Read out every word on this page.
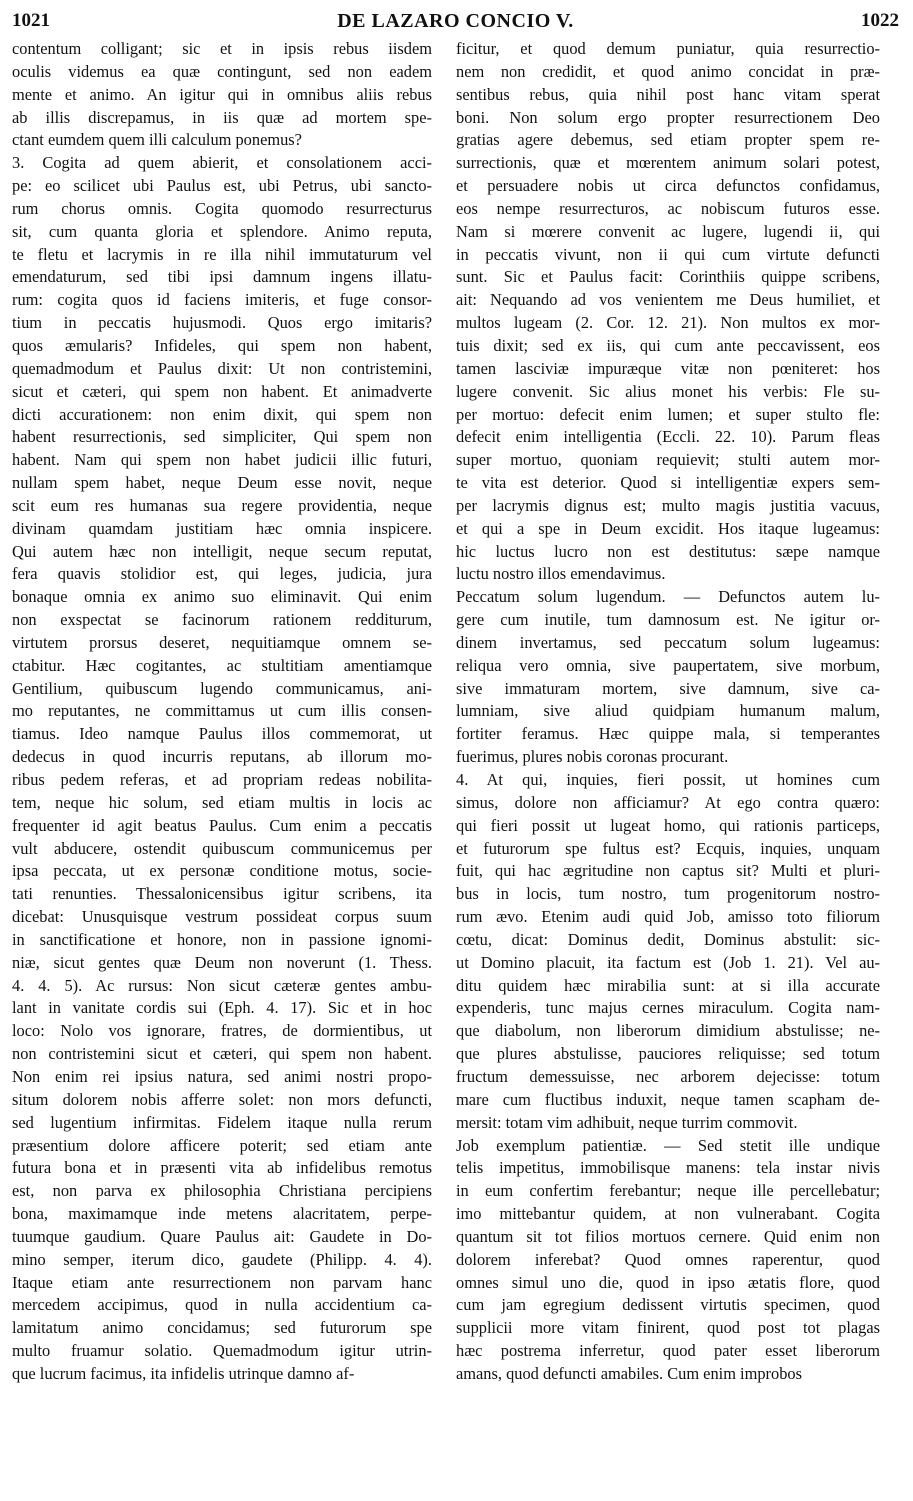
1021	DE LAZARO CONCIO V.	1022
contentum colligant; sic et in ipsis rebus iisdem
oculis videmus ea quæ contingunt, sed non eadem
mente et animo. An igitur qui in omnibus aliis rebus
ab illis discrepamus, in iis quæ ad mortem spe-
ctant eumdem quem illi calculum ponemus?
3. Cogita ad quem abierit, et consolationem acci-
pe: eo scilicet ubi Paulus est, ubi Petrus, ubi sancto-
rum chorus omnis. Cogita quomodo resurrecturus
sit, cum quanta gloria et splendore. Animo reputa,
te fletu et lacrymis in re illa nihil immutaturum vel
emendaturum, sed tibi ipsi damnum ingens illatu-
rum: cogita quos id faciens imiteris, et fuge consor-
tium in peccatis hujusmodi. Quos ergo imitaris?
quos æmularis? Infideles, qui spem non habent,
quemadmodum et Paulus dixit: Ut non contristemini,
sicut et cæteri, qui spem non habent. Et animadverte
dicti accurationem: non enim dixit, qui spem non
habent resurrectionis, sed simpliciter, Qui spem non
habent. Nam qui spem non habet judicii illic futuri,
nullam spem habet, neque Deum esse novit, neque
scit eum res humanas sua regere providentia, neque
divinam quamdam justitiam hæc omnia inspicere.
Qui autem hæc non intelligit, neque secum reputat,
fera quavis stolidior est, qui leges, judicia, jura
bonaque omnia ex animo suo eliminavit. Qui enim
non exspectat se facinorum rationem redditurum,
virtutem prorsus deseret, nequitiamque omnem se-
ctabitur. Hæc cogitantes, ac stultitiam amentiamque
Gentilium, quibuscum lugendo communicamus, ani-
mo reputantes, ne committamus ut cum illis consen-
tiamus. Ideo namque Paulus illos commemorat, ut
dedecus in quod incurris reputans, ab illorum mo-
ribus pedem referas, et ad propriam redeas nobilita-
tem, neque hic solum, sed etiam multis in locis ac
frequenter id agit beatus Paulus. Cum enim a peccatis
vult abducere, ostendit quibuscum communicemus per
ipsa peccata, ut ex personæ conditione motus, socie-
tati renunties. Thessalonicensibus igitur scribens, ita
dicebat: Unusquisque vestrum possideat corpus suum
in sanctificatione et honore, non in passione ignomi-
niæ, sicut gentes quæ Deum non noverunt (1. Thess.
4. 4. 5). Ac rursus: Non sicut cæteræ gentes ambu-
lant in vanitate cordis sui (Eph. 4. 17). Sic et in hoc
loco: Nolo vos ignorare, fratres, de dormientibus, ut
non contristemini sicut et cæteri, qui spem non habent.
Non enim rei ipsius natura, sed animi nostri propo-
situm dolorem nobis afferre solet: non mors defuncti,
sed lugentium infirmitas. Fidelem itaque nulla rerum
præsentium dolore afficere poterit; sed etiam ante
futura bona et in præsenti vita ab infidelibus remotus
est, non parva ex philosophia Christiana percipiens
bona, maximamque inde metens alacritatem, perpe-
tuumque gaudium. Quare Paulus ait: Gaudete in Do-
mino semper, iterum dico, gaudete (Philipp. 4. 4).
Itaque etiam ante resurrectionem non parvam hanc
mercedem accipimus, quod in nulla accidentium ca-
lamitatum animo concidamus; sed futurorum spe
multo fruamur solatio. Quemadmodum igitur utrin-
que lucrum facimus, ita infidelis utrinque damno af-
ficitur, et quod demum puniatur, quia resurrectio-
nem non credidit, et quod animo concidat in præ-
sentibus rebus, quia nihil post hanc vitam sperat
boni. Non solum ergo propter resurrectionem Deo
gratias agere debemus, sed etiam propter spem re-
surrectionis, quæ et mœrentem animum solari potest,
et persuadere nobis ut circa defunctos confidamus,
eos nempe resurrecturos, ac nobiscum futuros esse.
Nam si mœrere convenit ac lugere, lugendi ii, qui
in peccatis vivunt, non ii qui cum virtute defuncti
sunt. Sic et Paulus facit: Corinthiis quippe scribens,
ait: Nequando ad vos venientem me Deus humiliet, et
multos lugeam (2. Cor. 12. 21). Non multos ex mor-
tuis dixit; sed ex iis, qui cum ante peccavissent, eos
tamen lasciviæ impuræque vitæ non pœniteret: hos
lugere convenit. Sic alius monet his verbis: Fle su-
per mortuo: defecit enim lumen; et super stulto fle:
defecit enim intelligentia (Eccli. 22. 10). Parum fleas
super mortuo, quoniam requievit; stulti autem mor-
te vita est deterior. Quod si intelligentiæ expers sem-
per lacrymis dignus est; multo magis justitia vacuus,
et qui a spe in Deum excidit. Hos itaque lugeamus:
hic luctus lucro non est destitutus: sæpe namque
luctu nostro illos emendavimus.
Peccatum solum lugendum. — Defunctos autem lu-
gere cum inutile, tum damnosum est. Ne igitur or-
dinem invertamus, sed peccatum solum lugeamus:
reliqua vero omnia, sive paupertatem, sive morbum,
sive immaturam mortem, sive damnum, sive ca-
lumniam, sive aliud quidpiam humanum malum,
fortiter feramus. Hæc quippe mala, si temperantes
fuerimus, plures nobis coronas procurant.
4. At qui, inquies, fieri possit, ut homines cum
simus, dolore non afficiamur? At ego contra quæro:
qui fieri possit ut lugeat homo, qui rationis particeps,
et futurorum spe fultus est? Ecquis, inquies, unquam
fuit, qui hac ægritudine non captus sit? Multi et pluri-
bus in locis, tum nostro, tum progenitorum nostro-
rum ævo. Etenim audi quid Job, amisso toto filiorum
cœtu, dicat: Dominus dedit, Dominus abstulit: sic-
ut Domino placuit, ita factum est (Job 1. 21). Vel au-
ditu quidem hæc mirabilia sunt: at si illa accurate
expenderis, tunc majus cernes miraculum. Cogita nam-
que diabolum, non liberorum dimidium abstulisse; ne-
que plures abstulisse, pauciores reliquisse; sed totum
fructum demessuisse, nec arborem dejecisse: totum
mare cum fluctibus induxit, neque tamen scapham de-
mersit: totam vim adhibuit, neque turrim commovit.
Job exemplum patientiæ. — Sed stetit ille undique
telis impetitus, immobilisque manens: tela instar nivis
in eum confertim ferebantur; neque ille percellebatur;
imo mittebantur quidem, at non vulnerabant. Cogita
quantum sit tot filios mortuos cernere. Quid enim non
dolorem inferebat? Quod omnes raperentur, quod
omnes simul uno die, quod in ipso ætatis flore, quod
cum jam egregium dedissent virtutis specimen, quod
supplicii more vitam finirent, quod post tot plagas
hæc postrema inferretur, quod pater esset liberorum
amans, quod defuncti amabiles. Cum enim improbos
